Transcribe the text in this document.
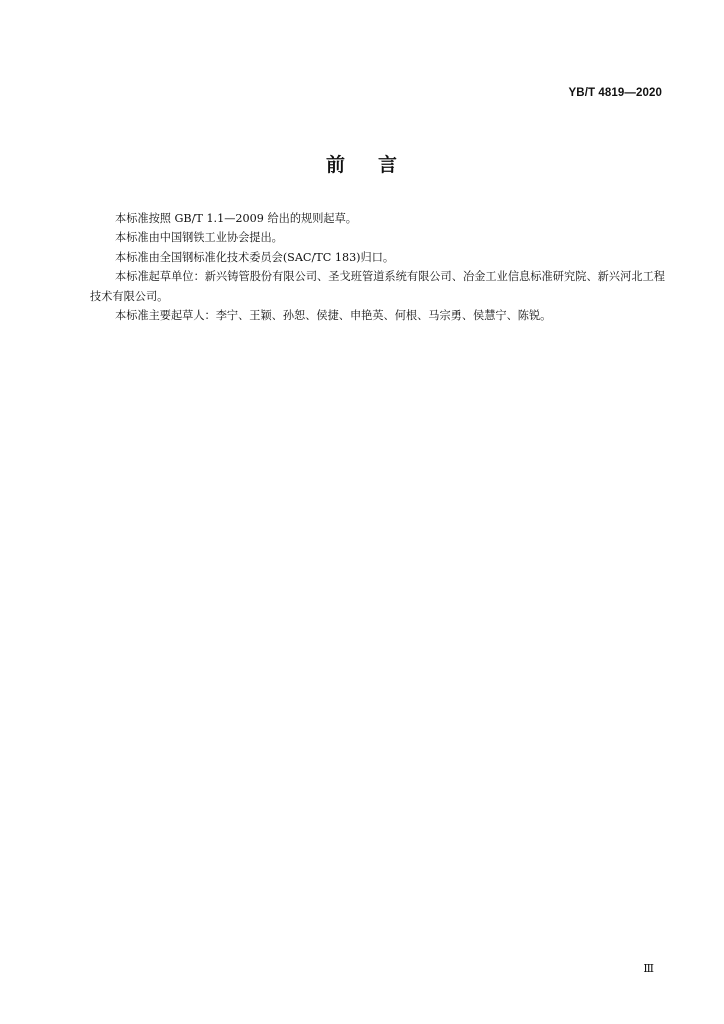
YB/T 4819—2020
前 言

本标准按照 GB/T 1.1—2009 给出的规则起草。

本标准由中国钢铁工业协会提出。

本标准由全国钢标准化技术委员会(SAC/TC 183)归口。

本标准起草单位：新兴铸管股份有限公司、圣戈班管道系统有限公司、冶金工业信息标准研究院、新兴河北工程技术有限公司。

本标准主要起草人：李宁、王颖、孙恕、侯捷、申艳英、何根、马宗勇、侯慧宁、陈锐。

Ⅲ
